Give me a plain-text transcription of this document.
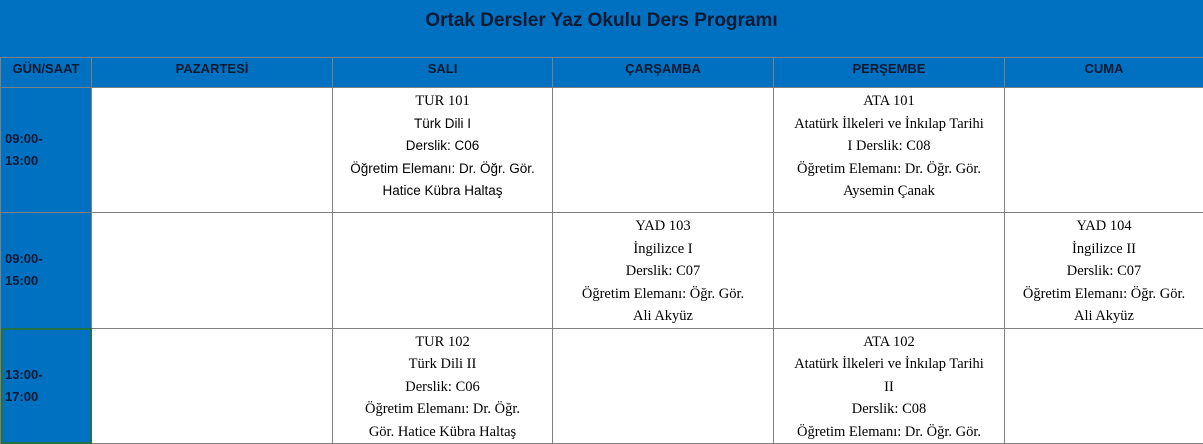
Ortak Dersler Yaz Okulu Ders Programı
GÜN/SAAT	PAZARTESİ	SALI	ÇARŞAMBA	PERŞEMBE	CUMA
09:00-
13:00		TUR 101
Türk Dili I
Derslik: C06
Öğretim Elemanı: Dr. Öğr. Gör.
Hatice Kübra Haltaş		ATA 101
Atatürk İlkeleri ve İnkılap Tarihi
I Derslik: C08
Öğretim Elemanı: Dr. Öğr. Gör.
Aysemin Çanak	

09:00-
15:00			YAD 103
İngilizce I
Derslik: C07
Öğretim Elemanı: Öğr. Gör.
Ali Akyüz		YAD 104
İngilizce II
Derslik: C07
Öğretim Elemanı: Öğr. Gör.
Ali Akyüz

13:00-
17:00		TUR 102
Türk Dili II
Derslik: C06
Öğretim Elemanı: Dr. Öğr.
Gör. Hatice Kübra Haltaş		ATA 102
Atatürk İlkeleri ve İnkılap Tarihi
II
Derslik: C08
Öğretim Elemanı: Dr. Öğr. Gör.	
